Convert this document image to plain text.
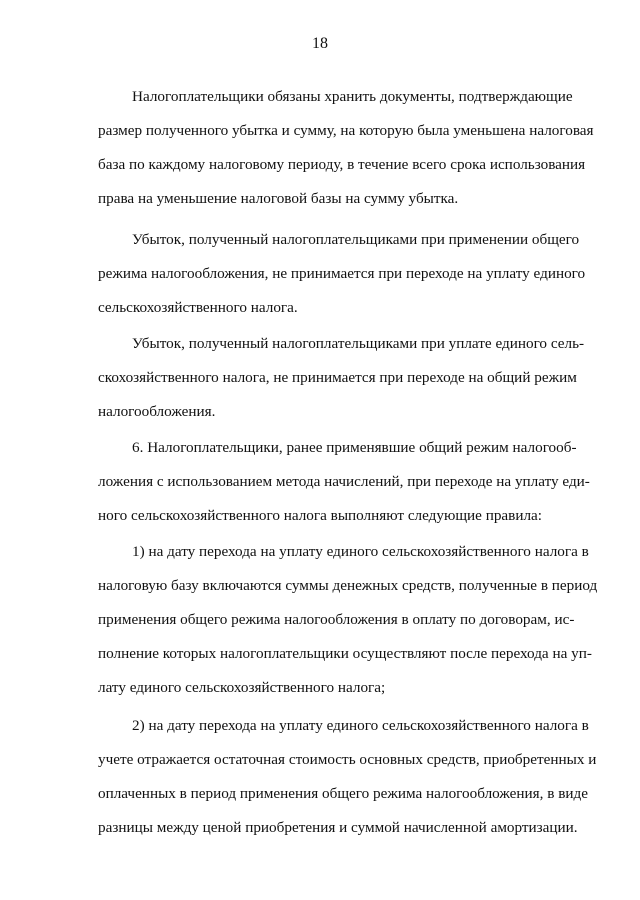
18
Налогоплательщики обязаны хранить документы, подтверждающие
размер полученного убытка и сумму, на которую была уменьшена налоговая
база по каждому налоговому периоду, в течение всего срока использования
права на уменьшение налоговой базы на сумму убытка.
Убыток, полученный налогоплательщиками при применении общего
режима налогообложения, не принимается при переходе на уплату единого
сельскохозяйственного налога.
Убыток, полученный налогоплательщиками при уплате единого сель-
скохозяйственного налога, не принимается при переходе на общий режим
налогообложения.
6. Налогоплательщики, ранее применявшие общий режим налогооб-
ложения с использованием метода начислений, при переходе на уплату еди-
ного сельскохозяйственного налога выполняют следующие правила:
1) на дату перехода на уплату единого сельскохозяйственного налога в
налоговую базу включаются суммы денежных средств, полученные в период
применения общего режима налогообложения в оплату по договорам, ис-
полнение которых налогоплательщики осуществляют после перехода на уп-
лату единого сельскохозяйственного налога;
2) на дату перехода на уплату единого сельскохозяйственного налога в
учете отражается остаточная стоимость основных средств, приобретенных и
оплаченных в период применения общего режима налогообложения, в виде
разницы между ценой приобретения и суммой начисленной амортизации.
